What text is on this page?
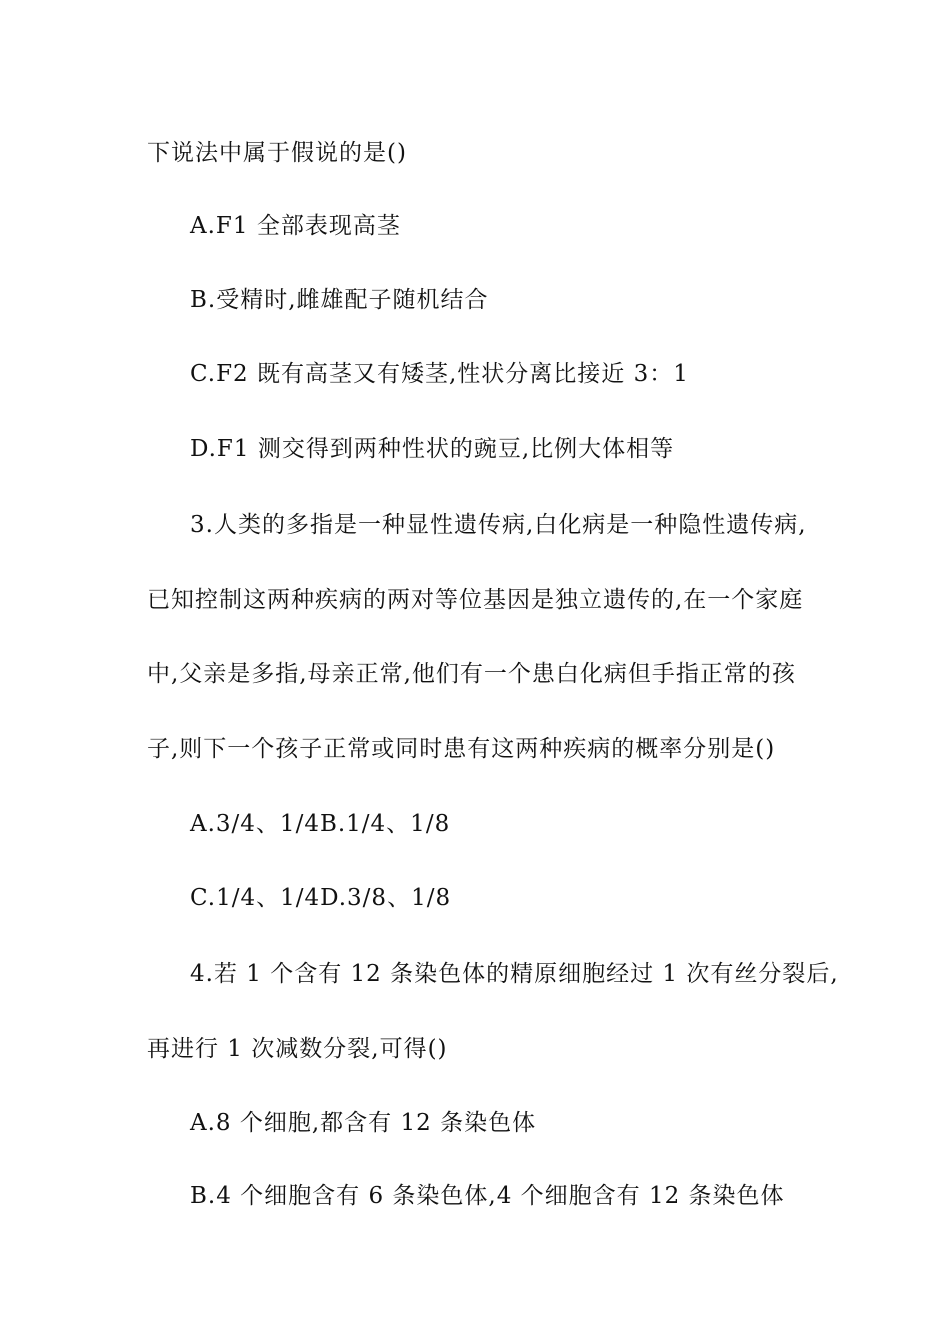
下说法中属于假说的是()
A.F1 全部表现高茎
B.受精时,雌雄配子随机结合
C.F2 既有高茎又有矮茎,性状分离比接近 3：1
D.F1 测交得到两种性状的豌豆,比例大体相等
3.人类的多指是一种显性遗传病,白化病是一种隐性遗传病,
已知控制这两种疾病的两对等位基因是独立遗传的,在一个家庭
中,父亲是多指,母亲正常,他们有一个患白化病但手指正常的孩
子,则下一个孩子正常或同时患有这两种疾病的概率分别是()
A.3/4、1/4B.1/4、1/8
C.1/4、1/4D.3/8、1/8
4.若 1 个含有 12 条染色体的精原细胞经过 1 次有丝分裂后,
再进行 1 次减数分裂,可得()
A.8 个细胞,都含有 12 条染色体
B.4 个细胞含有 6 条染色体,4 个细胞含有 12 条染色体
